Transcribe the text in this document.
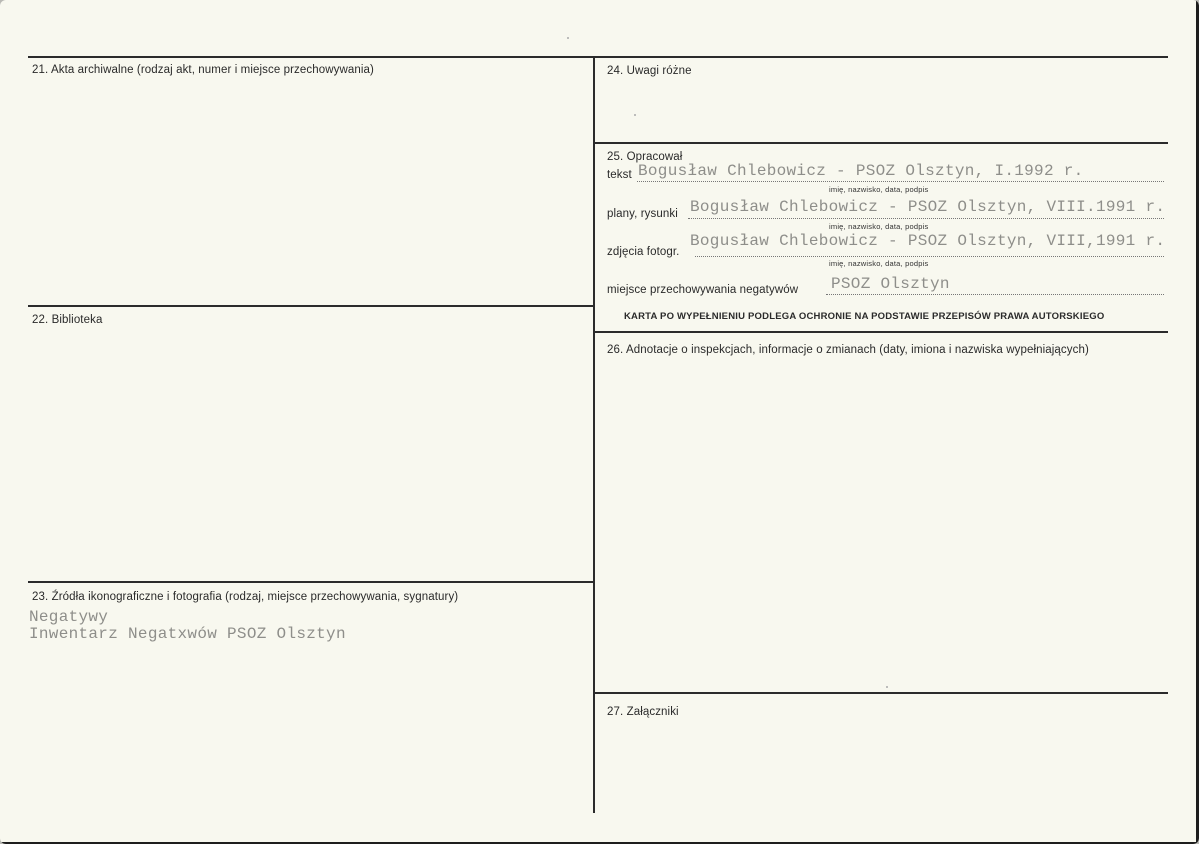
21. Akta archiwalne (rodzaj akt, numer i miejsce przechowywania)
22. Biblioteka
23. Źródła ikonograficzne i fotografia (rodzaj, miejsce przechowywania, sygnatury)
Negatywy
Inwentarz Negatxwów PSOZ Olsztyn
24. Uwagi różne
25. Opracował
tekst Bogusław Chlebowicz - PSOZ Olsztyn, I.1992 r.
imię, nazwisko, data, podpis
plany, rysunki Bogusław Chlebowicz - PSOZ Olsztyn, VIII.1991 r.
imię, nazwisko, data, podpis
zdjęcia fotogr.
Bogusław Chlebowicz - PSOZ Olsztyn, VIII,1991 r.
imię, nazwisko, data, podpis
miejsce przechowywania negatywów PSOZ Olsztyn
KARTA PO WYPEŁNIENIU PODLEGA OCHRONIE NA PODSTAWIE PRZEPISÓW PRAWA AUTORSKIEGO
26. Adnotacje o inspekcjach, informacje o zmianach (daty, imiona i nazwiska wypełniających)
27. Załączniki
